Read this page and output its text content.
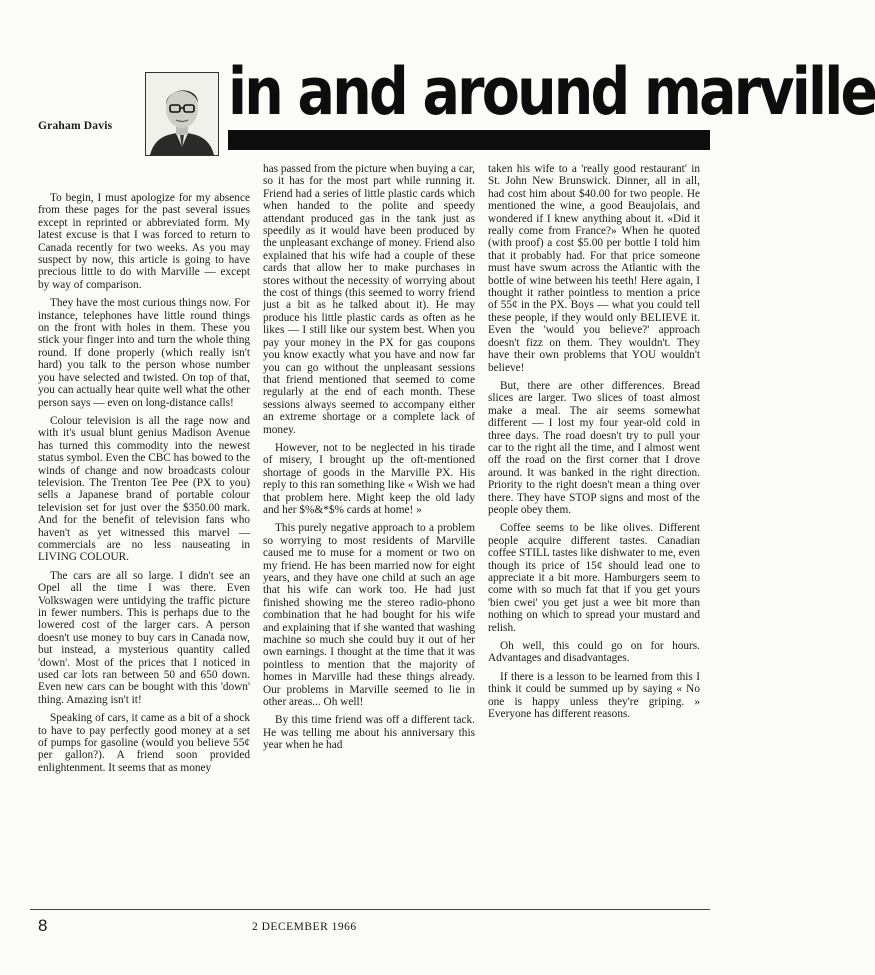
Graham Davis in and around marville

To begin, I must apologize for my absence from these pages for the past several issues except in reprinted or abbreviated form. My latest excuse is that I was forced to return to Canada recently for two weeks. As you may suspect by now, this article is going to have precious little to do with Marville — except by way of comparison.

They have the most curious things now. For instance, telephones have little round things on the front with holes in them. These you stick your finger into and turn the whole thing round. If done properly (which really isn't hard) you talk to the person whose number you have selected and twisted. On top of that, you can actually hear quite well what the other person says — even on long-distance calls!

Colour television is all the rage now and with it's usual blunt genius Madison Avenue has turned this commodity into the newest status symbol. Even the CBC has bowed to the winds of change and now broadcasts colour television. The Trenton Tee Pee (PX to you) sells a Japanese brand of portable colour television set for just over the $350.00 mark. And for the benefit of television fans who haven't as yet witnessed this marvel — commercials are no less nauseating in LIVING COLOUR.

The cars are all so large. I didn't see an Opel all the time I was there. Even Volkswagen were untidying the traffic picture in fewer numbers. This is perhaps due to the lowered cost of the larger cars. A person doesn't use money to buy cars in Canada now, but instead, a mysterious quantity called 'down'. Most of the prices that I noticed in used car lots ran between 50 and 650 down. Even new cars can be bought with this 'down' thing. Amazing isn't it!

Speaking of cars, it came as a bit of a shock to have to pay perfectly good money at a set of pumps for gasoline (would you believe 55¢ per gallon?). A friend soon provided enlightenment. It seems that as money

has passed from the picture when buying a car, so it has for the most part while running it. Friend had a series of little plastic cards which when handed to the polite and speedy attendant produced gas in the tank just as speedily as it would have been produced by the unpleasant exchange of money. Friend also explained that his wife had a couple of these cards that allow her to make purchases in stores without the necessity of worrying about the cost of things (this seemed to worry friend just a bit as he talked about it). He may produce his little plastic cards as often as he likes — I still like our system best. When you pay your money in the PX for gas coupons you know exactly what you have and now far you can go without the unpleasant sessions that friend mentioned that seemed to come regularly at the end of each month. These sessions always seemed to accompany either an extreme shortage or a complete lack of money.

However, not to be neglected in his tirade of misery, I brought up the oft-mentioned shortage of goods in the Marville PX. His reply to this ran something like « Wish we had that problem here. Might keep the old lady and her $%&*$% cards at home! »

This purely negative approach to a problem so worrying to most residents of Marville caused me to muse for a moment or two on my friend. He has been married now for eight years, and they have one child at such an age that his wife can work too. He had just finished showing me the stereo radio-phono combination that he had bought for his wife and explaining that if she wanted that washing machine so much she could buy it out of her own earnings. I thought at the time that it was pointless to mention that the majority of homes in Marville had these things already. Our problems in Marville seemed to lie in other areas... Oh well!

By this time friend was off a different tack. He was telling me about his anniversary this year when he had

taken his wife to a 'really good restaurant' in St. John New Brunswick. Dinner, all in all, had cost him about $40.00 for two people. He mentioned the wine, a good Beaujolais, and wondered if I knew anything about it. «Did it really come from France?» When he quoted (with proof) a cost $5.00 per bottle I told him that it probably had. For that price someone must have swum across the Atlantic with the bottle of wine between his teeth! Here again, I thought it rather pointless to mention a price of 55¢ in the PX. Boys — what you could tell these people, if they would only BELIEVE it. Even the 'would you believe?' approach doesn't fizz on them. They wouldn't. They have their own problems that YOU wouldn't believe!

But, there are other differences. Bread slices are larger. Two slices of toast almost make a meal. The air seems somewhat different — I lost my four year-old cold in three days. The road doesn't try to pull your car to the right all the time, and I almost went off the road on the first corner that I drove around. It was banked in the right direction. Priority to the right doesn't mean a thing over there. They have STOP signs and most of the people obey them.

Coffee seems to be like olives. Different people acquire different tastes. Canadian coffee STILL tastes like dishwater to me, even though its price of 15¢ should lead one to appreciate it a bit more. Hamburgers seem to come with so much fat that if you get yours 'bien cwei' you get just a wee bit more than nothing on which to spread your mustard and relish.

Oh well, this could go on for hours. Advantages and disadvantages.

If there is a lesson to be learned from this I think it could be summed up by saying « No one is happy unless they're griping. » Everyone has different reasons.

8	2 DECEMBER 1966
